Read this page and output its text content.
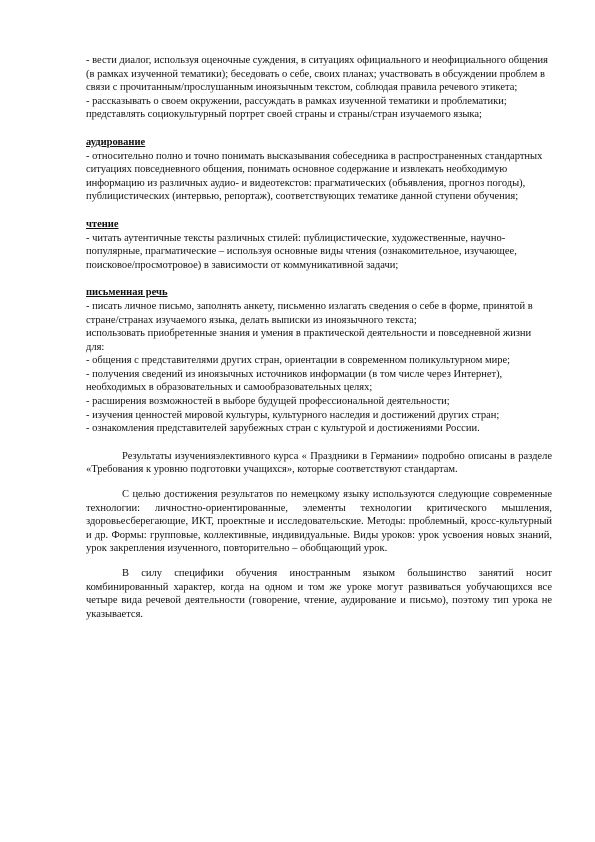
- вести диалог, используя оценочные суждения, в ситуациях официального и неофициального общения (в рамках изученной тематики); беседовать о себе, своих планах; участвовать в обсуждении проблем в связи с прочитанным/прослушанным иноязычным текстом, соблюдая правила речевого этикета;

- рассказывать о своем окружении, рассуждать в рамках изученной тематики и проблематики; представлять социокультурный портрет своей страны и страны/стран изучаемого языка;

аудирование

- относительно полно и точно понимать высказывания собеседника в распространенных стандартных ситуациях повседневного общения, понимать основное содержание и извлекать необходимую информацию из различных аудио- и видеотекстов: прагматических (объявления, прогноз погоды), публицистических (интервью, репортаж), соответствующих тематике данной ступени обучения;

чтение

- читать аутентичные тексты различных стилей: публицистические, художественные, научно-популярные, прагматические – используя основные виды чтения (ознакомительное, изучающее, поисковое/просмотровое) в зависимости от коммуникативной задачи;

письменная речь

- писать личное письмо, заполнять анкету, письменно излагать сведения о себе в форме, принятой в стране/странах изучаемого языка, делать выписки из иноязычного текста;

использовать приобретенные знания и умения в практической деятельности и повседневной жизни для:

- общения с представителями других стран, ориентации в современном поликультурном мире;

- получения сведений из иноязычных источников информации (в том числе через Интернет), необходимых в образовательных и самообразовательных целях;

- расширения возможностей в выборе будущей профессиональной деятельности;

- изучения ценностей мировой культуры, культурного наследия и достижений других стран;

- ознакомления представителей зарубежных стран с культурой и достижениями России.

Результаты изученияэлективного курса « Праздники в Германии» подробно описаны в разделе «Требования к уровню подготовки учащихся», которые соответствуют стандартам.

С целью достижения результатов по немецкому языку используются следующие современные технологии: личностно-ориентированные, элементы технологии критического мышления, здоровьесберегающие, ИКТ, проектные и исследовательские. Методы: проблемный, кросс-культурный и др. Формы: групповые, коллективные, индивидуальные. Виды уроков: урок усвоения новых знаний, урок закрепления изученного, повторительно – обобщающий урок.

В силу специфики обучения иностранным языком большинство занятий носит комбинированный характер, когда на одном и том же уроке могут развиваться уобучающихся все четыре вида речевой деятельности (говорение, чтение, аудирование и письмо), поэтому тип урока не указывается.
